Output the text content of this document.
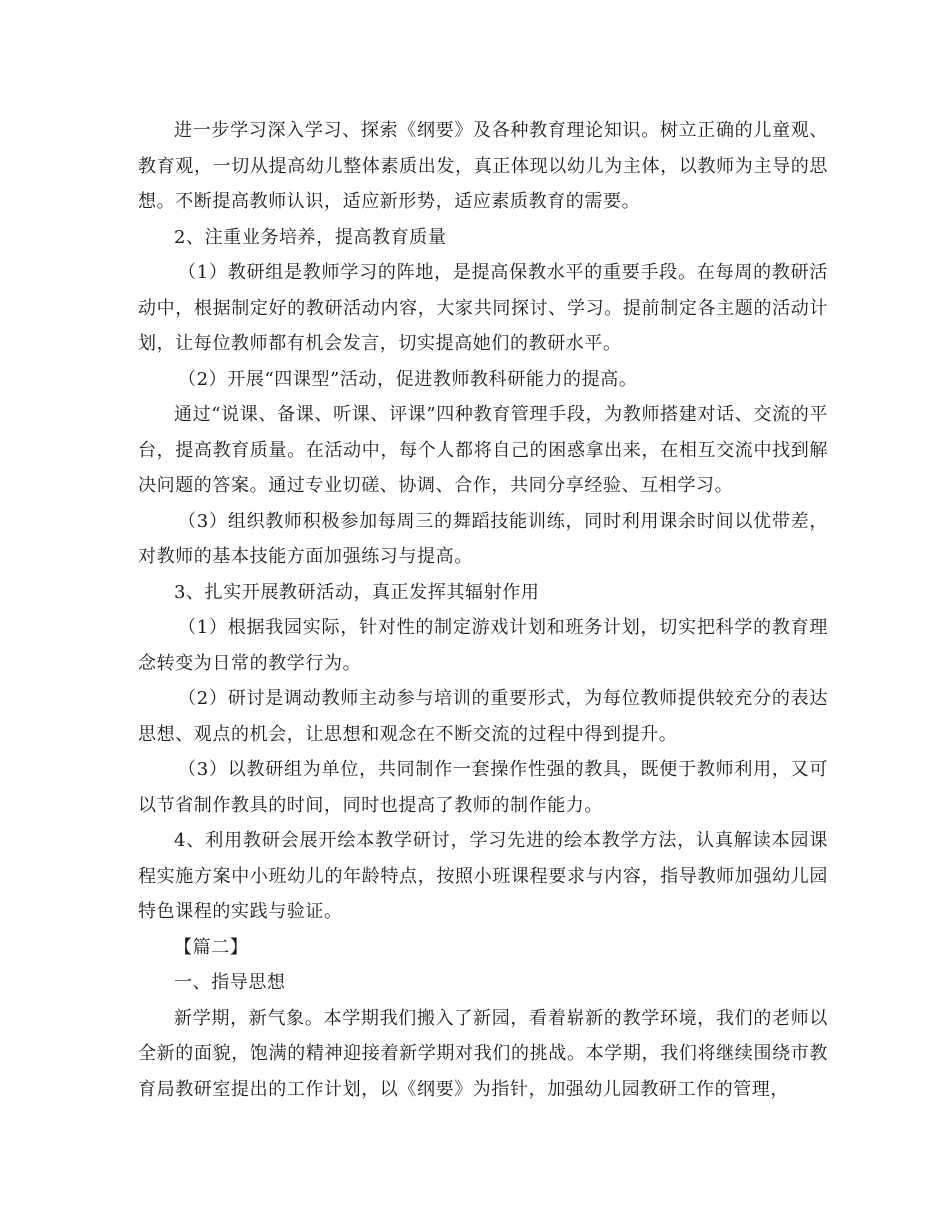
进一步学习深入学习、探索《纲要》及各种教育理论知识。树立正确的儿童观、教育观，一切从提高幼儿整体素质出发，真正体现以幼儿为主体，以教师为主导的思想。不断提高教师认识，适应新形势，适应素质教育的需要。

2、注重业务培养，提高教育质量

（1）教研组是教师学习的阵地，是提高保教水平的重要手段。在每周的教研活动中，根据制定好的教研活动内容，大家共同探讨、学习。提前制定各主题的活动计划，让每位教师都有机会发言，切实提高她们的教研水平。

（2）开展“四课型”活动，促进教师教科研能力的提高。

通过“说课、备课、听课、评课”四种教育管理手段，为教师搭建对话、交流的平台，提高教育质量。在活动中，每个人都将自己的困惑拿出来，在相互交流中找到解决问题的答案。通过专业切磋、协调、合作，共同分享经验、互相学习。

（3）组织教师积极参加每周三的舞蹈技能训练，同时利用课余时间以优带差，对教师的基本技能方面加强练习与提高。

3、扎实开展教研活动，真正发挥其辐射作用

（1）根据我园实际，针对性的制定游戏计划和班务计划，切实把科学的教育理念转变为日常的教学行为。

（2）研讨是调动教师主动参与培训的重要形式，为每位教师提供较充分的表达思想、观点的机会，让思想和观念在不断交流的过程中得到提升。

（3）以教研组为单位，共同制作一套操作性强的教具，既便于教师利用，又可以节省制作教具的时间，同时也提高了教师的制作能力。

4、利用教研会展开绘本教学研讨，学习先进的绘本教学方法，认真解读本园课程实施方案中小班幼儿的年龄特点，按照小班课程要求与内容，指导教师加强幼儿园特色课程的实践与验证。

【篇二】

一、指导思想

新学期，新气象。本学期我们搬入了新园，看着崭新的教学环境，我们的老师以全新的面貌，饱满的精神迎接着新学期对我们的挑战。本学期，我们将继续围绕市教育局教研室提出的工作计划，以《纲要》为指针，加强幼儿园教研工作的管理，
